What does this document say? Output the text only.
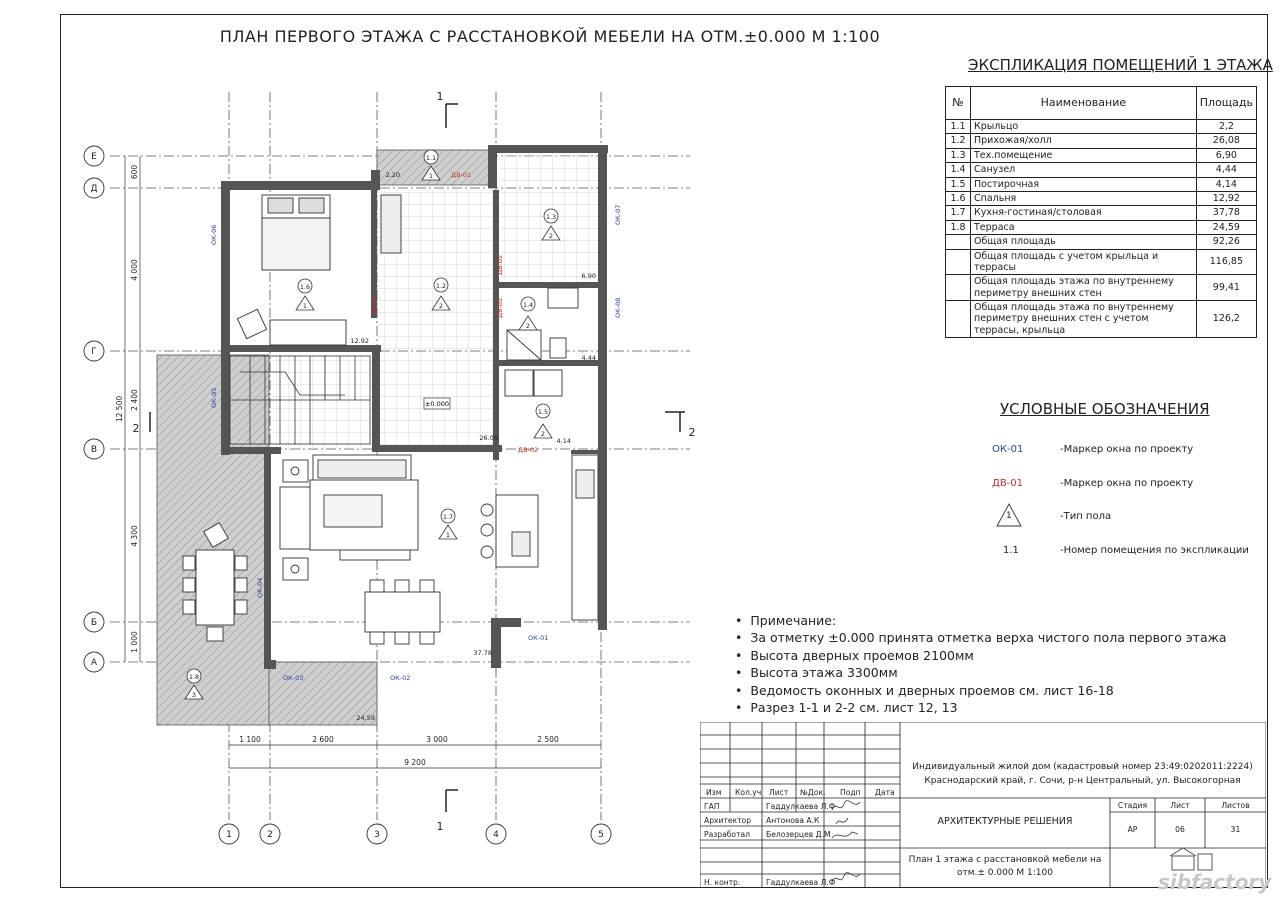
ПЛАН ПЕРВОГО ЭТАЖА С РАССТАНОВКОЙ МЕБЕЛИ НА ОТМ.±0.000 М 1:100
Е
Д
Г
В
Б
А
1	2	3	4	5
1 100	2 600	3 000	2 500
9 200
600
4 000
2 400
4 300
1 000
12 500
1
1
2	2
±0.000
1.1
1.2
1.3
1.4
1.5
1.6
1.7
1.8
1
2
2
2
2
1
1
3
2.20
26.08
6.90
4.44
4.14
12.92
37.78
24.59
ОК-06
ОК-07
ОК-08
ОК-05
ОК-04
ОК-03	ОК-02
ОК-01
ДВ-01
ДВ-02
ДВ-02
ДВ-01
ДВ-02
ЭКСПЛИКАЦИЯ ПОМЕЩЕНИЙ 1 ЭТАЖА
№	Наименование	Площадь
1.1	Крыльцо	2,2
1.2	Прихожая/холл	26,08
1.3	Тех.помещение	6,90
1.4	Санузел	4,44
1.5	Постирочная	4,14
1.6	Спальня	12,92
1.7	Кухня-гостиная/столовая	37,78
1.8	Терраса	24,59
	Общая площадь	92,26
	Общая площадь с учетом крыльца и террасы	116,85
	Общая площадь этажа по внутреннему периметру внешних стен	99,41
	Общая площадь этажа по внутреннему периметру внешних стен с учетом террасы, крыльца	126,2
УСЛОВНЫЕ ОБОЗНАЧЕНИЯ
ОК-01	-Маркер окна по проекту
ДВ-01	-Маркер окна по проекту
1	-Тип пола
1.1	-Номер помещения по экспликации
• Примечание:
• За отметку ±0.000 принята отметка верха чистого пола первого этажа
• Высота дверных проемов 2100мм
• Высота этажа 3300мм
• Ведомость оконных и дверных проемов см. лист 16-18
• Разрез 1-1 и 2-2 см. лист 12, 13
Изм Кол.уч Лист №Док. Подп Дата
ГАП	Гаддулкаева Л.Ф
Архитектор Антонова А.К
Разработал Белозерцев Д.М
Н. контр.	Гаддулкаева Л.Ф
Индивидуальный жилой дом (кадастровый номер 23:49:0202011:2224) Краснодарский край, г. Сочи, р-н Центральный, ул. Высокогорная
АРХИТЕКТУРНЫЕ РЕШЕНИЯ
Стадия	Лист	Листов
АР	06	31
План 1 этажа с расстановкой мебели на отм.± 0.000 М 1:100	sibfactory
